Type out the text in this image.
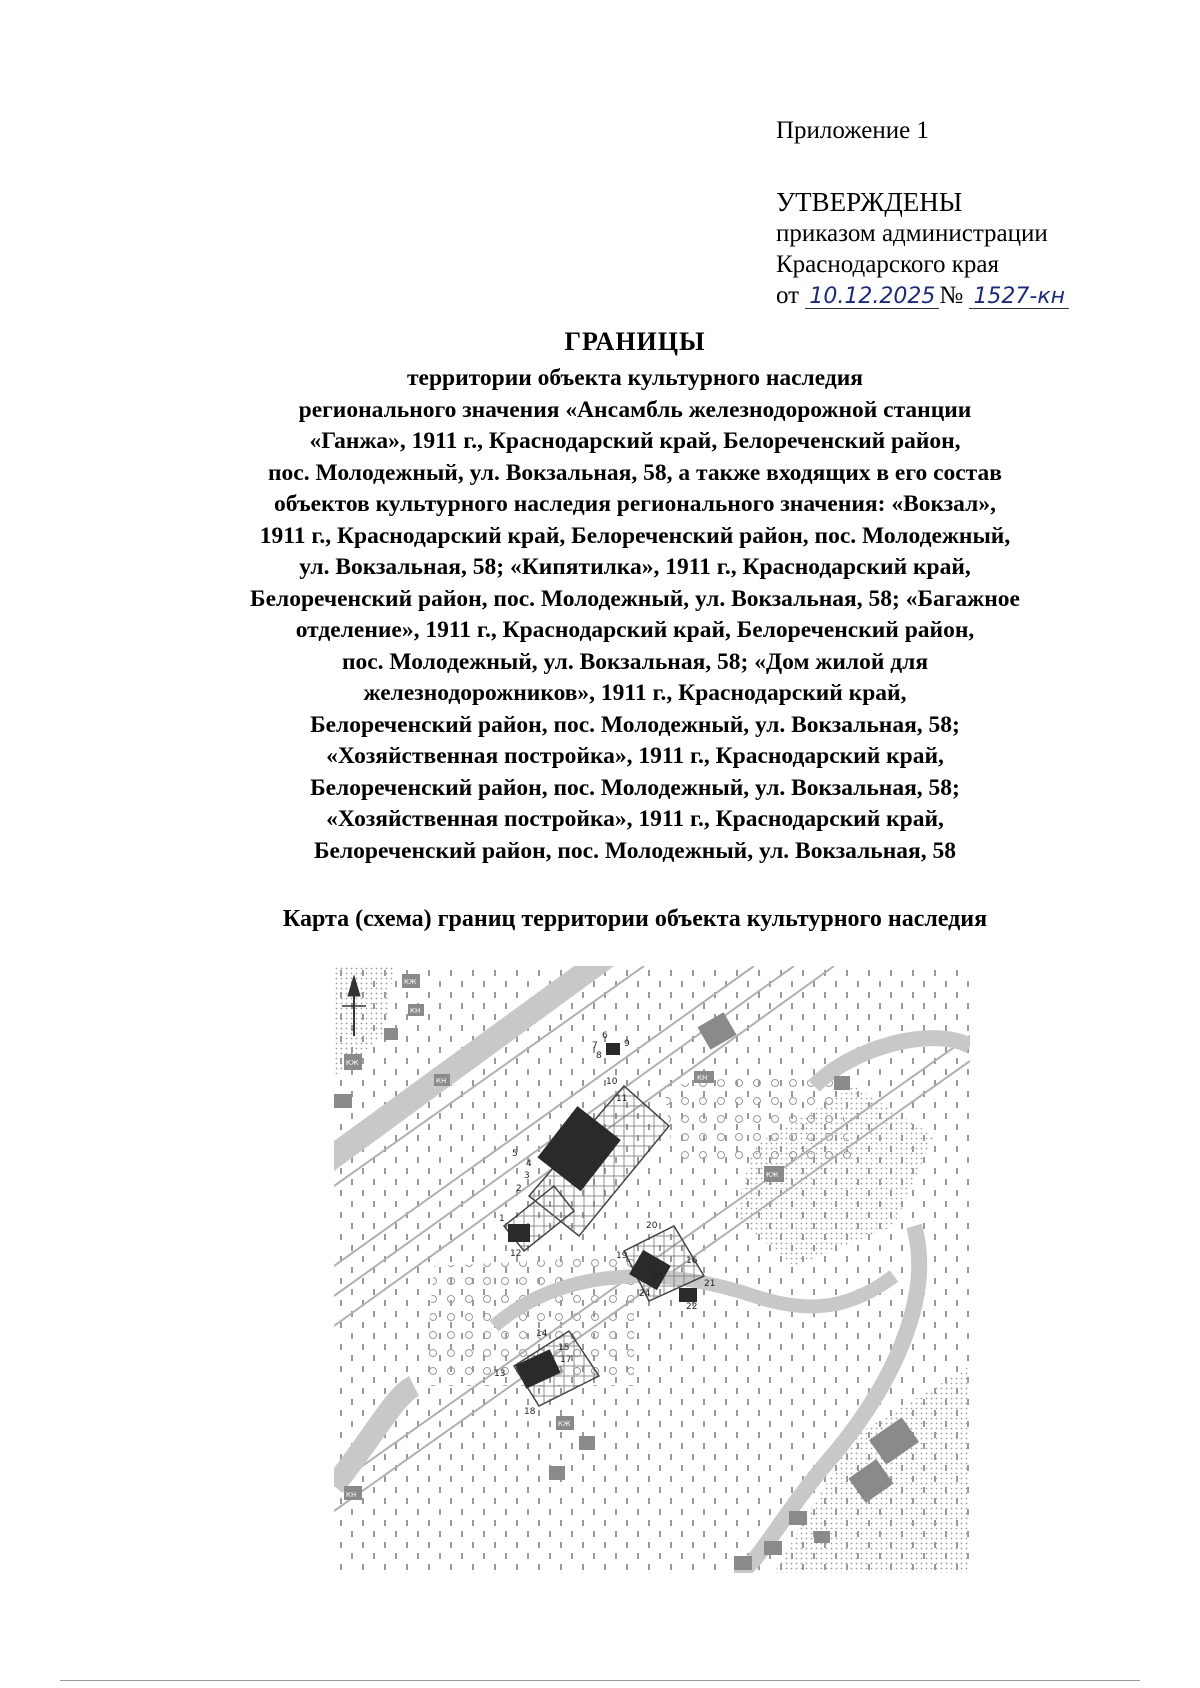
Приложение 1
УТВЕРЖДЕНЫ
приказом администрации
Краснодарского края
от 10.12.2025 № 1527-кн
ГРАНИЦЫ
территории объекта культурного наследия
регионального значения «Ансамбль железнодорожной станции
«Ганжа», 1911 г., Краснодарский край, Белореченский район,
пос. Молодежный, ул. Вокзальная, 58, а также входящих в его состав
объектов культурного наследия регионального значения: «Вокзал»,
1911 г., Краснодарский край, Белореченский район, пос. Молодежный,
ул. Вокзальная, 58; «Кипятилка», 1911 г., Краснодарский край,
Белореченский район, пос. Молодежный, ул. Вокзальная, 58; «Багажное
отделение», 1911 г., Краснодарский край, Белореченский район,
пос. Молодежный, ул. Вокзальная, 58; «Дом жилой для
железнодорожников», 1911 г., Краснодарский край,
Белореченский район, пос. Молодежный, ул. Вокзальная, 58;
«Хозяйственная постройка», 1911 г., Краснодарский край,
Белореченский район, пос. Молодежный, ул. Вокзальная, 58;
«Хозяйственная постройка», 1911 г., Краснодарский край,
Белореченский район, пос. Молодежный, ул. Вокзальная, 58
Карта (схема) границ территории объекта культурного наследия
КЖ
КН
КЖ
КН	КН
КЖ
КЖ
КН
1
2
3
4
5
6
7
8
9
10
11
12
13
14
15
16
17
18
19
20
21
22
23
24
